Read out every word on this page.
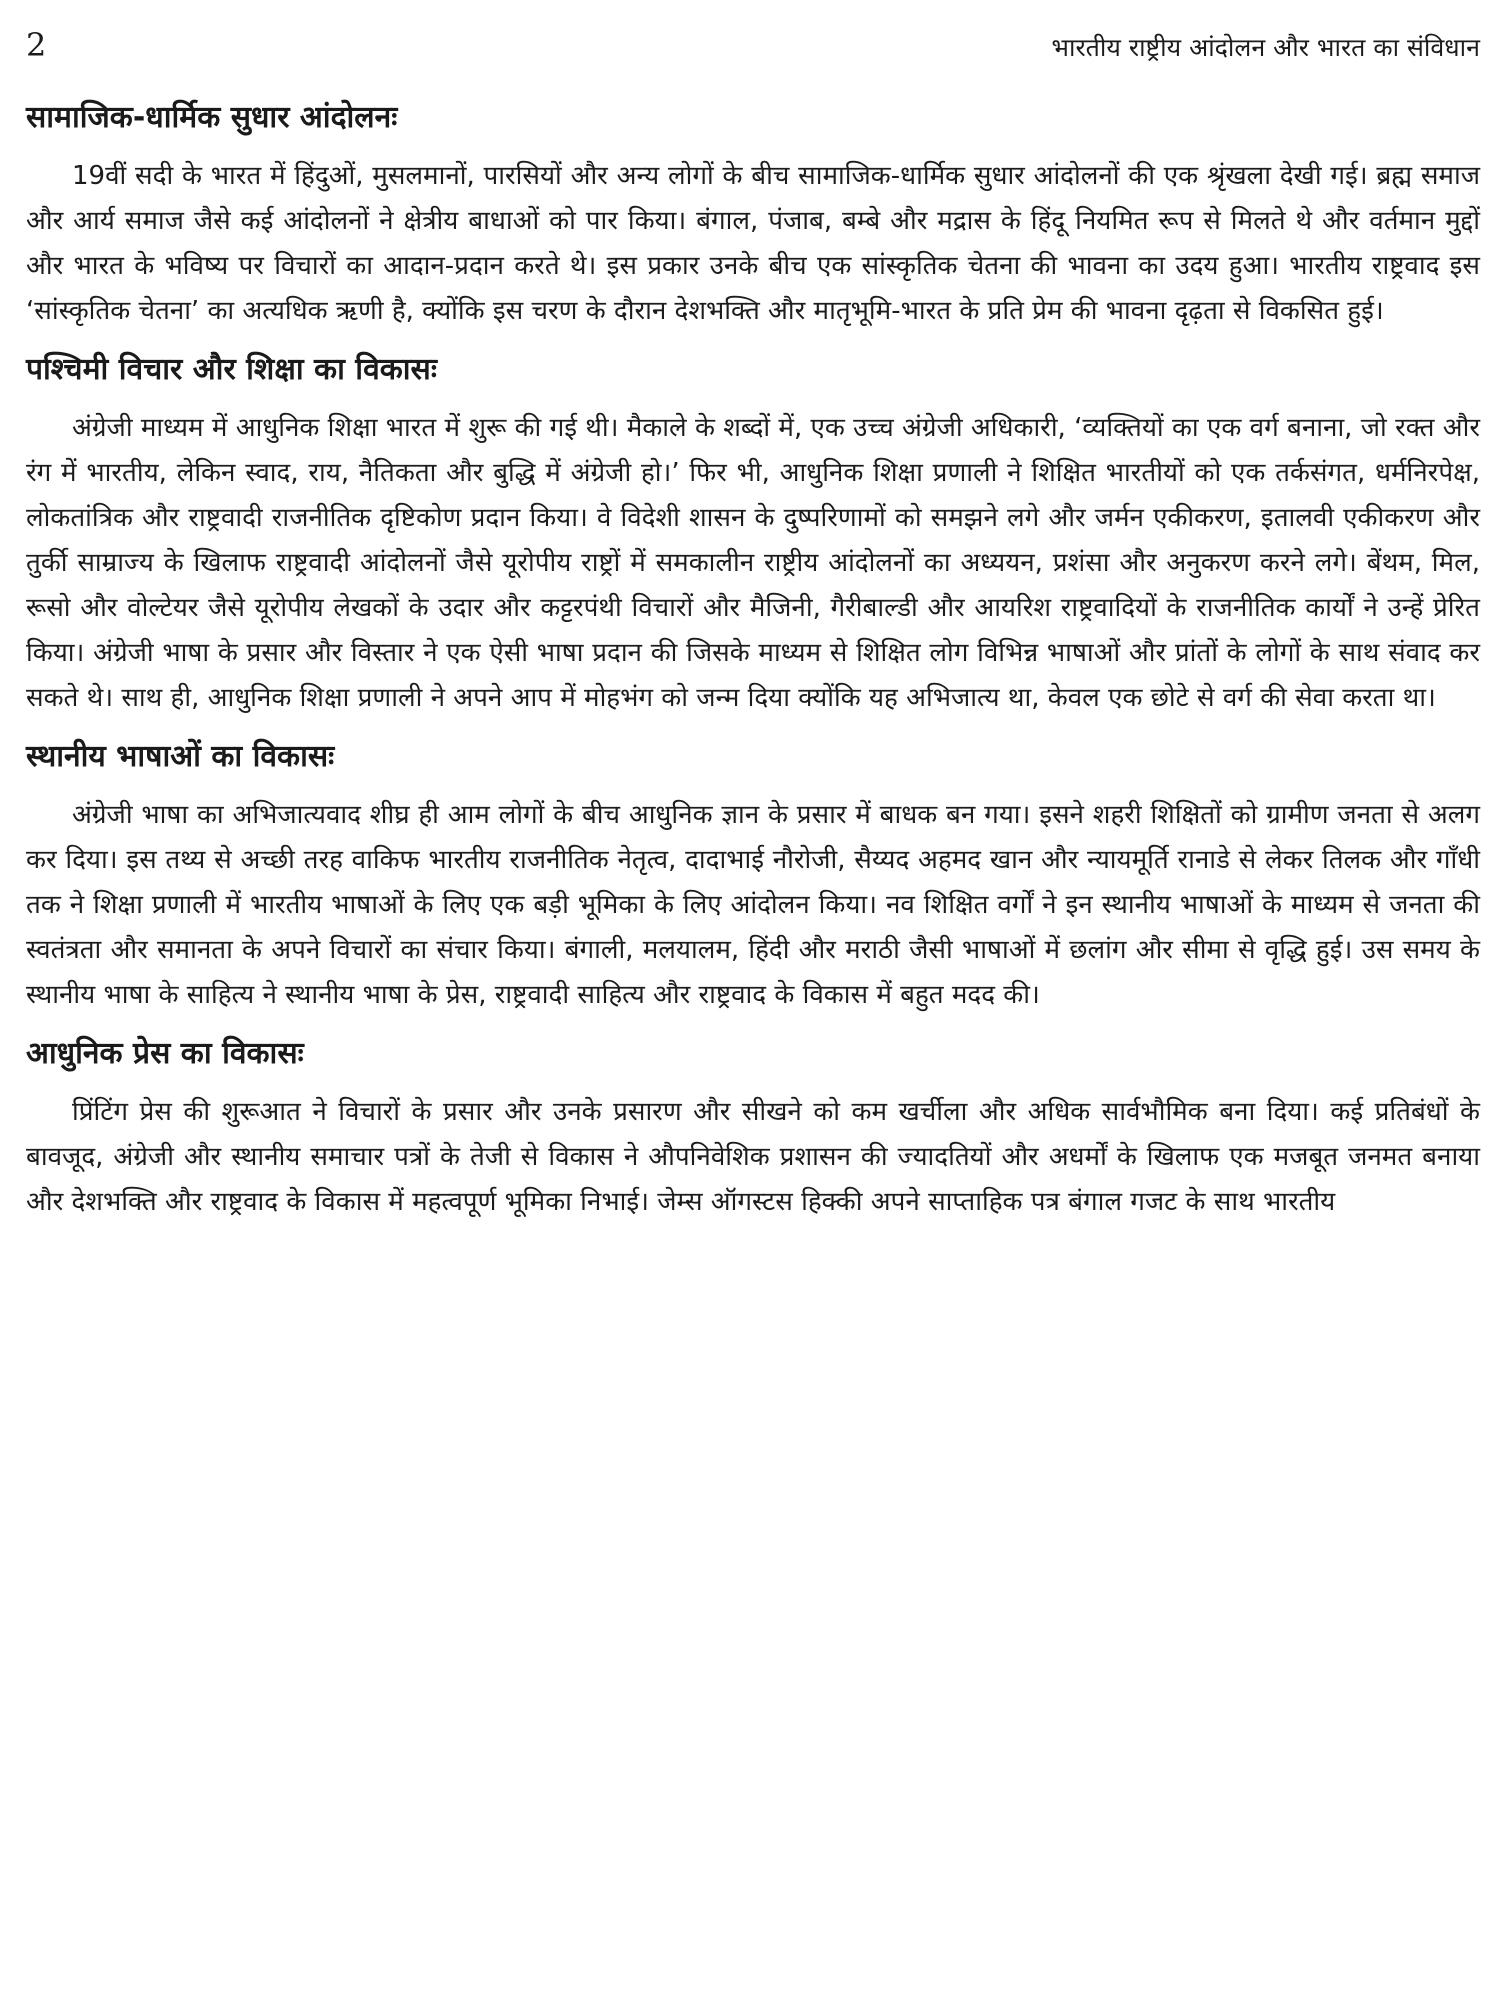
2	भारतीय राष्ट्रीय आंदोलन और भारत का संविधान
सामाजिक-धार्मिक सुधार आंदोलनः

19वीं सदी के भारत में हिंदुओं, मुसलमानों, पारसियों और अन्य लोगों के बीच सामाजिक-धार्मिक सुधार आंदोलनों की एक श्रृंखला देखी गई। ब्रह्म समाज और आर्य समाज जैसे कई आंदोलनों ने क्षेत्रीय बाधाओं को पार किया। बंगाल, पंजाब, बम्बे और मद्रास के हिंदू नियमित रूप से मिलते थे और वर्तमान मुद्दों और भारत के भविष्य पर विचारों का आदान-प्रदान करते थे। इस प्रकार उनके बीच एक सांस्कृतिक चेतना की भावना का उदय हुआ। भारतीय राष्ट्रवाद इस ‘सांस्कृतिक चेतना’ का अत्यधिक ऋणी है, क्योंकि इस चरण के दौरान देशभक्ति और मातृभूमि-भारत के प्रति प्रेम की भावना दृढ़ता से विकसित हुई।

पश्चिमी विचार और शिक्षा का विकासः

अंग्रेजी माध्यम में आधुनिक शिक्षा भारत में शुरू की गई थी। मैकाले के शब्दों में, एक उच्च अंग्रेजी अधिकारी, ‘व्यक्तियों का एक वर्ग बनाना, जो रक्त और रंग में भारतीय, लेकिन स्वाद, राय, नैतिकता और बुद्धि में अंग्रेजी हो।’ फिर भी, आधुनिक शिक्षा प्रणाली ने शिक्षित भारतीयों को एक तर्कसंगत, धर्मनिरपेक्ष, लोकतांत्रिक और राष्ट्रवादी राजनीतिक दृष्टिकोण प्रदान किया। वे विदेशी शासन के दुष्परिणामों को समझने लगे और जर्मन एकीकरण, इतालवी एकीकरण और तुर्की साम्राज्य के खिलाफ राष्ट्रवादी आंदोलनों जैसे यूरोपीय राष्ट्रों में समकालीन राष्ट्रीय आंदोलनों का अध्ययन, प्रशंसा और अनुकरण करने लगे। बेंथम, मिल, रूसो और वोल्टेयर जैसे यूरोपीय लेखकों के उदार और कट्टरपंथी विचारों और मैजिनी, गैरीबाल्डी और आयरिश राष्ट्रवादियों के राजनीतिक कार्यों ने उन्हें प्रेरित किया। अंग्रेजी भाषा के प्रसार और विस्तार ने एक ऐसी भाषा प्रदान की जिसके माध्यम से शिक्षित लोग विभिन्न भाषाओं और प्रांतों के लोगों के साथ संवाद कर सकते थे। साथ ही, आधुनिक शिक्षा प्रणाली ने अपने आप में मोहभंग को जन्म दिया क्योंकि यह अभिजात्य था, केवल एक छोटे से वर्ग की सेवा करता था।

स्थानीय भाषाओं का विकासः

अंग्रेजी भाषा का अभिजात्यवाद शीघ्र ही आम लोगों के बीच आधुनिक ज्ञान के प्रसार में बाधक बन गया। इसने शहरी शिक्षितों को ग्रामीण जनता से अलग कर दिया। इस तथ्य से अच्छी तरह वाकिफ भारतीय राजनीतिक नेतृत्व, दादाभाई नौरोजी, सैय्यद अहमद खान और न्यायमूर्ति रानाडे से लेकर तिलक और गाँधी तक ने शिक्षा प्रणाली में भारतीय भाषाओं के लिए एक बड़ी भूमिका के लिए आंदोलन किया। नव शिक्षित वर्गों ने इन स्थानीय भाषाओं के माध्यम से जनता की स्वतंत्रता और समानता के अपने विचारों का संचार किया। बंगाली, मलयालम, हिंदी और मराठी जैसी भाषाओं में छलांग और सीमा से वृद्धि हुई। उस समय के स्थानीय भाषा के साहित्य ने स्थानीय भाषा के प्रेस, राष्ट्रवादी साहित्य और राष्ट्रवाद के विकास में बहुत मदद की।

आधुनिक प्रेस का विकासः

प्रिंटिंग प्रेस की शुरूआत ने विचारों के प्रसार और उनके प्रसारण और सीखने को कम खर्चीला और अधिक सार्वभौमिक बना दिया। कई प्रतिबंधों के बावजूद, अंग्रेजी और स्थानीय समाचार पत्रों के तेजी से विकास ने औपनिवेशिक प्रशासन की ज्यादतियों और अधर्मों के खिलाफ एक मजबूत जनमत बनाया और देशभक्ति और राष्ट्रवाद के विकास में महत्वपूर्ण भूमिका निभाई। जेम्स ऑगस्टस हिक्की अपने साप्ताहिक पत्र बंगाल गजट के साथ भारतीय
